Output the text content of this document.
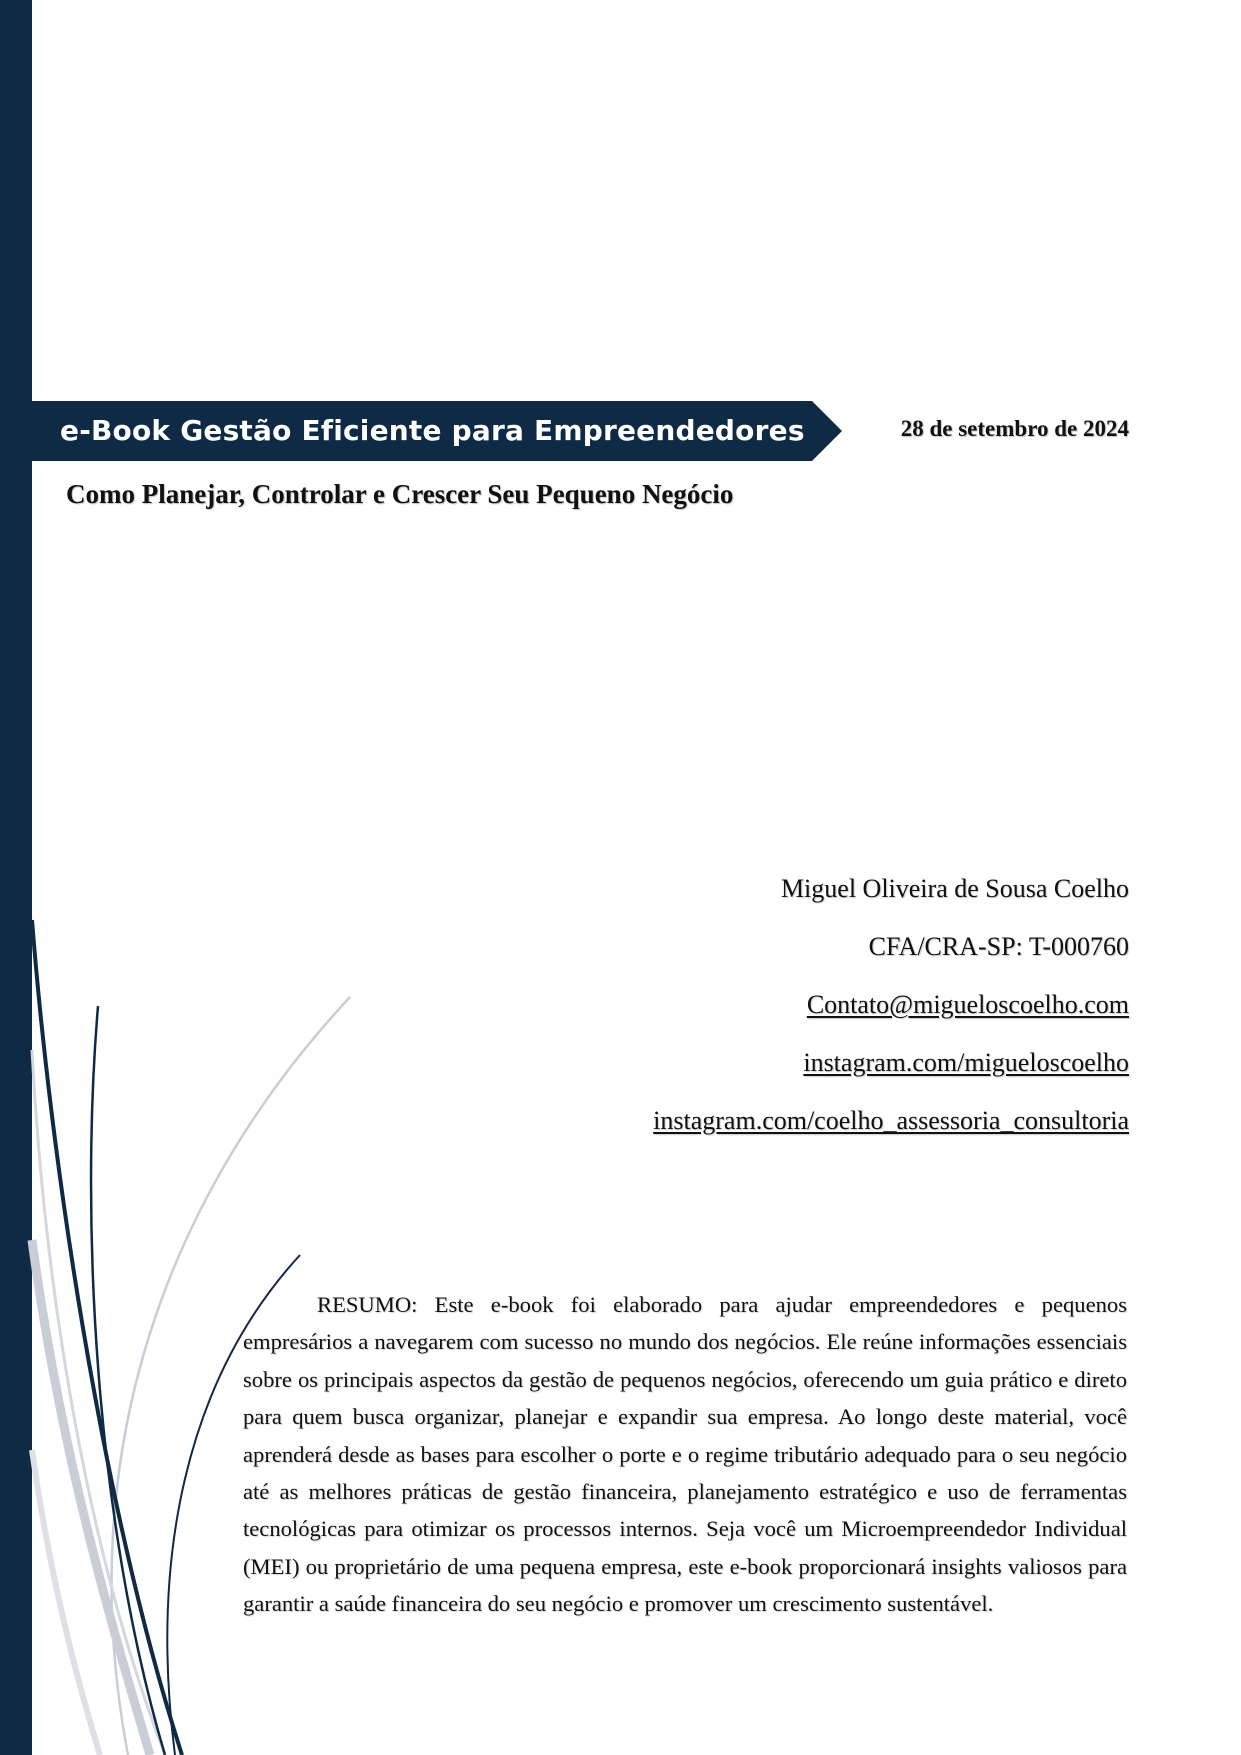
e-Book Gestão Eficiente para Empreendedores	28 de setembro de 2024
Como Planejar, Controlar e Crescer Seu Pequeno Negócio
Miguel Oliveira de Sousa Coelho
CFA/CRA-SP: T-000760
Contato@migueloscoelho.com
instagram.com/migueloscoelho
instagram.com/coelho_assessoria_consultoria

RESUMO: Este e-book foi elaborado para ajudar empreendedores e pequenos empresários a navegarem com sucesso no mundo dos negócios. Ele reúne informações essenciais sobre os principais aspectos da gestão de pequenos negócios, oferecendo um guia prático e direto para quem busca organizar, planejar e expandir sua empresa. Ao longo deste material, você aprenderá desde as bases para escolher o porte e o regime tributário adequado para o seu negócio até as melhores práticas de gestão financeira, planejamento estratégico e uso de ferramentas tecnológicas para otimizar os processos internos. Seja você um Microempreendedor Individual (MEI) ou proprietário de uma pequena empresa, este e-book proporcionará insights valiosos para garantir a saúde financeira do seu negócio e promover um crescimento sustentável.
